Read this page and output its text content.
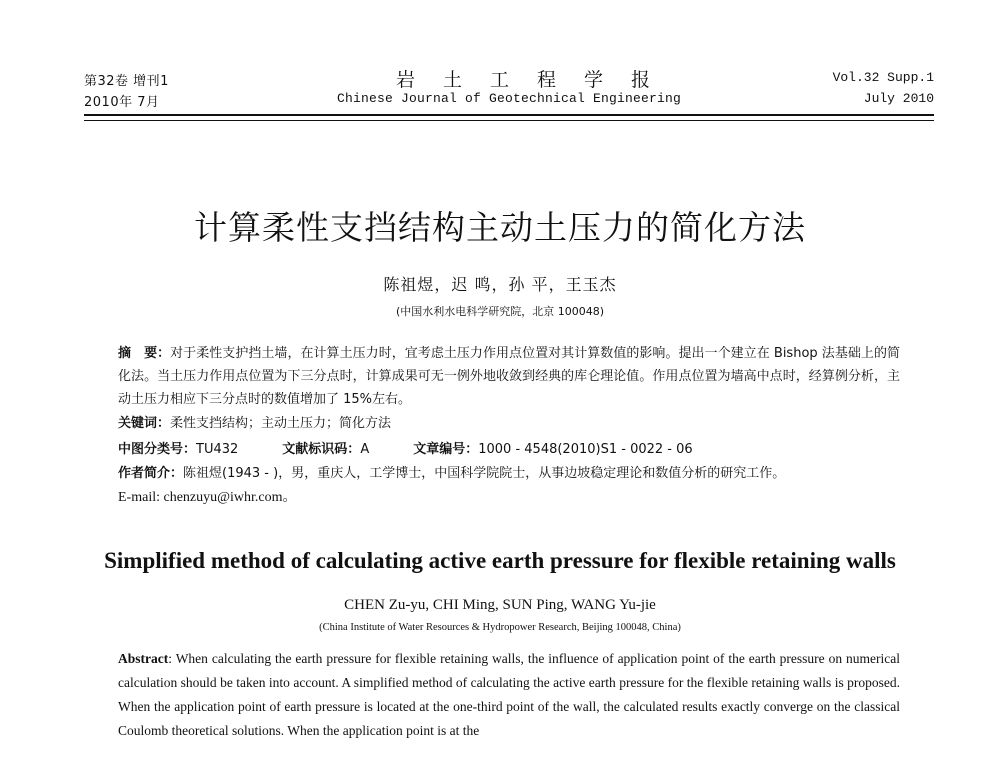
第32卷 增刊1	岩土工程学报	Vol.32 Supp.1
2010年 7月	Chinese Journal of Geotechnical Engineering	July 2010
计算柔性支挡结构主动土压力的简化方法
陈祖煜，迟 鸣，孙 平，王玉杰
(中国水利水电科学研究院，北京 100048)
摘　要：对于柔性支护挡土墙，在计算土压力时，宜考虑土压力作用点位置对其计算数值的影响。提出一个建立在 Bishop 法基础上的简化法。当土压力作用点位置为下三分点时，计算成果可无一例外地收敛到经典的库仑理论值。作用点位置为墙高中点时，经算例分析，主动土压力相应下三分点时的数值增加了 15%左右。
关键词：柔性支挡结构；主动土压力；简化方法
中图分类号：TU432	文献标识码：A	文章编号：1000 - 4548(2010)S1 - 0022 - 06
作者简介：陈祖煜(1943 - )，男，重庆人，工学博士，中国科学院院士，从事边坡稳定理论和数值分析的研究工作。
E-mail: chenzuyu@iwhr.com。
Simplified method of calculating active earth pressure for flexible retaining walls
CHEN Zu-yu, CHI Ming, SUN Ping, WANG Yu-jie
(China Institute of Water Resources & Hydropower Research, Beijing 100048, China)
Abstract: When calculating the earth pressure for flexible retaining walls, the influence of application point of the earth pressure on numerical calculation should be taken into account. A simplified method of calculating the active earth pressure for the flexible retaining walls is proposed. When the application point of earth pressure is located at the one-third point of the wall, the calculated results exactly converge on the classical Coulomb theoretical solutions. When the application point is at the
